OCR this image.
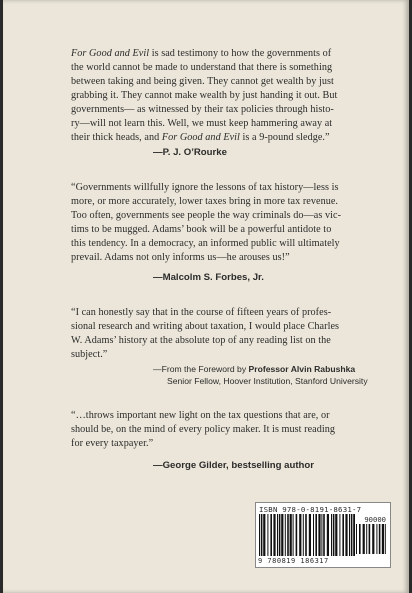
For Good and Evil is sad testimony to how the governments of

the world cannot be made to understand that there is something

between taking and being given. They cannot get wealth by just

grabbing it. They cannot make wealth by just handing it out. But

governments— as witnessed by their tax policies through histo-

ry—will not learn this. Well, we must keep hammering away at

their thick heads, and For Good and Evil is a 9-pound sledge.”

—P. J. O’Rourke

“Governments willfully ignore the lessons of tax history—less is

more, or more accurately, lower taxes bring in more tax revenue.

Too often, governments see people the way criminals do—as vic-

tims to be mugged. Adams’ book will be a powerful antidote to

this tendency. In a democracy, an informed public will ultimately

prevail. Adams not only informs us—he arouses us!”

—Malcolm S. Forbes, Jr.

“I can honestly say that in the course of fifteen years of profes-

sional research and writing about taxation, I would place Charles

W. Adams’ history at the absolute top of any reading list on the

subject.”

—From the Foreword by Professor Alvin Rabushka
Senior Fellow, Hoover Institution, Stanford University

“…throws important new light on the tax questions that are, or

should be, on the mind of every policy maker. It is must reading

for every taxpayer.”

—George Gilder, bestselling author
ISBN 978-0-8191-8631-7
90000
9 780819 186317
